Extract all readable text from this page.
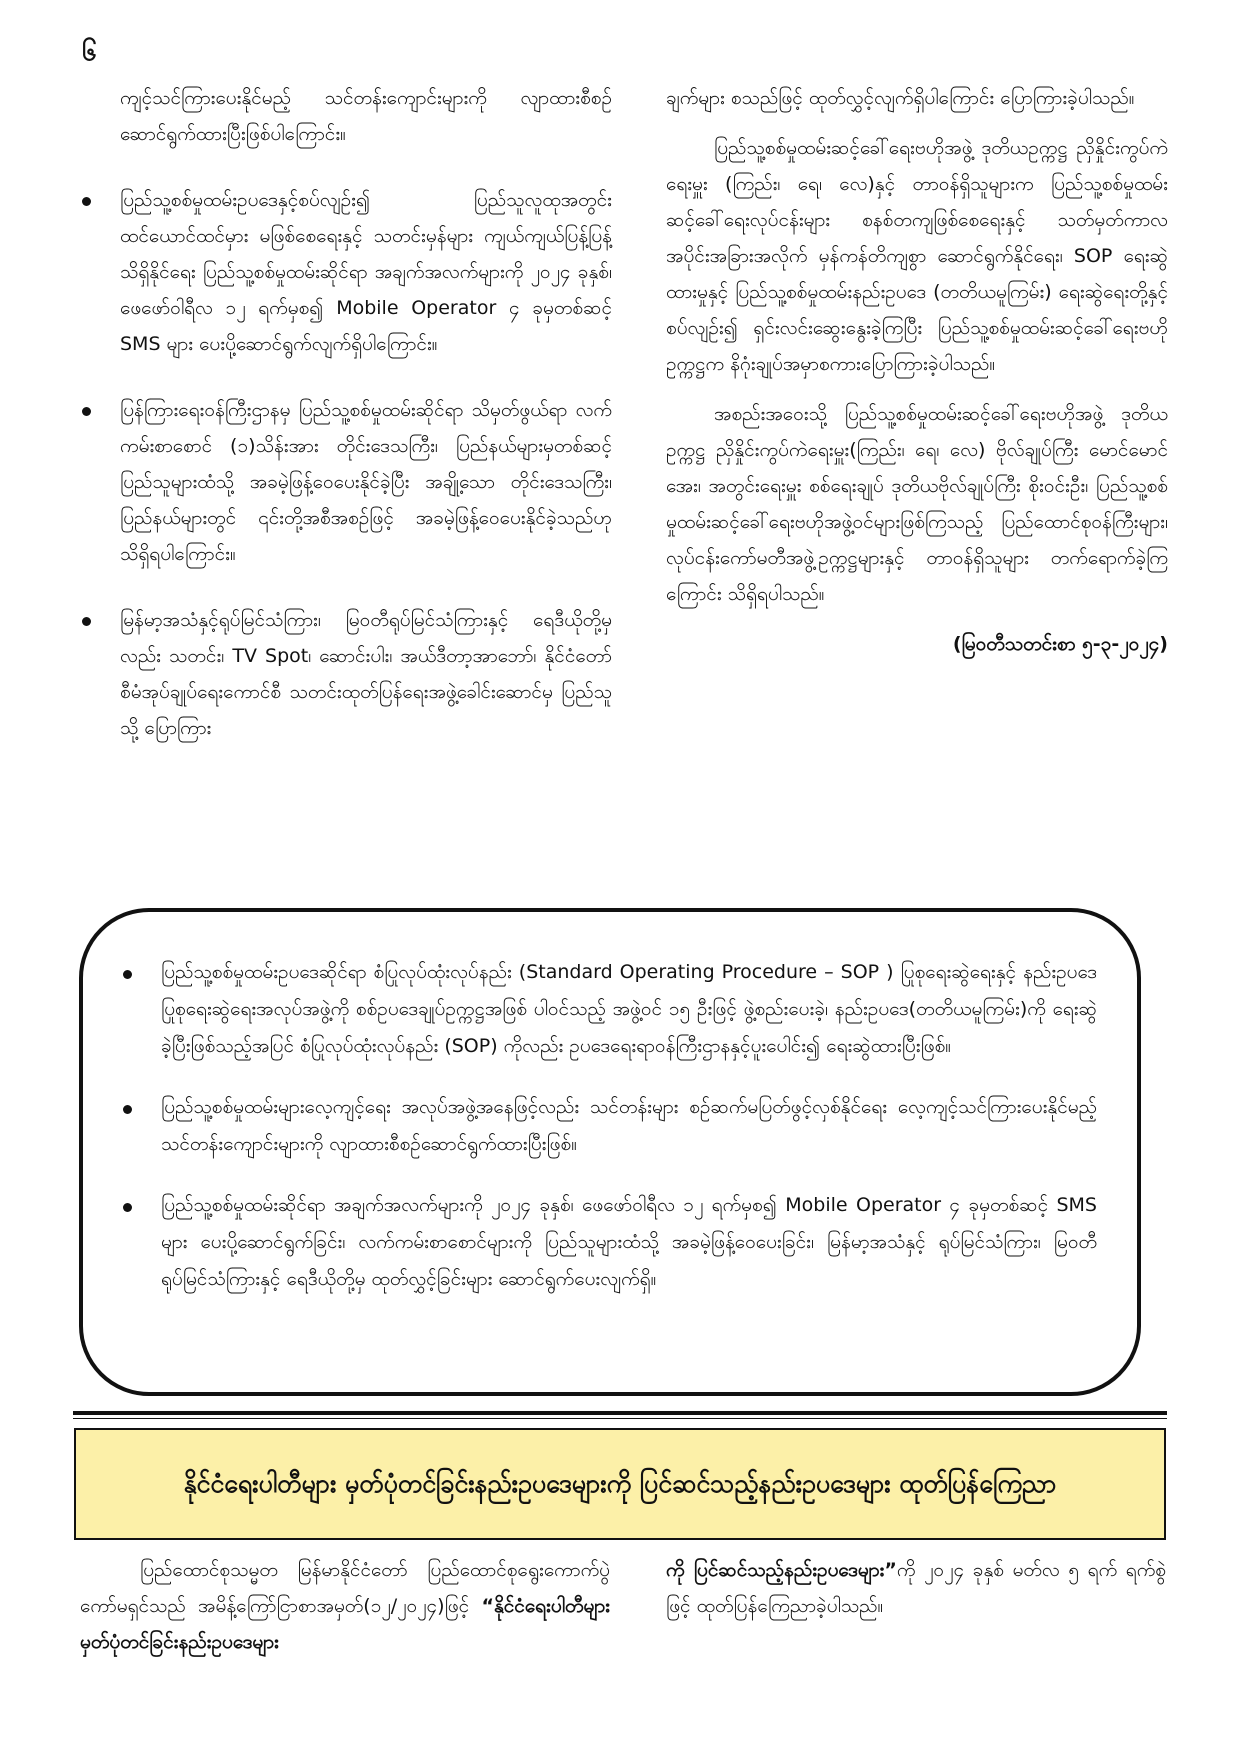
၆

ကျင့်သင်ကြားပေးနိုင်မည့် သင်တန်းကျောင်းများကို လျာထားစီစဉ်ဆောင်ရွက်ထားပြီးဖြစ်ပါကြောင်း။

ပြည်သူ့စစ်မှုထမ်းဥပဒေနှင့်စပ်လျဉ်း၍ ပြည်သူလူထုအတွင်း ထင်ယောင်ထင်မှား မဖြစ်စေရေးနှင့် သတင်းမှန်များ ကျယ်ကျယ်ပြန့်ပြန့် သိရှိနိုင်ရေး ပြည်သူ့စစ်မှုထမ်းဆိုင်ရာ အချက်အလက်များကို ၂၀၂၄ ခုနှစ်၊ ဖေဖော်ဝါရီလ ၁၂ ရက်မှစ၍ Mobile Operator ၄ ခုမှတစ်ဆင့် SMS များ ပေးပို့ဆောင်ရွက်လျက်ရှိပါကြောင်း။
ပြန်ကြားရေးဝန်ကြီးဌာနမှ ပြည်သူ့စစ်မှုထမ်းဆိုင်ရာ သိမှတ်ဖွယ်ရာ လက်ကမ်းစာစောင် (၁)သိန်းအား တိုင်းဒေသကြီး၊ ပြည်နယ်များမှတစ်ဆင့် ပြည်သူများထံသို့ အခမဲ့ဖြန့်ဝေပေးနိုင်ခဲ့ပြီး အချို့သော တိုင်းဒေသကြီး၊ ပြည်နယ်များတွင် ၎င်းတို့အစီအစဉ်ဖြင့် အခမဲ့ဖြန့်ဝေပေးနိုင်ခဲ့သည်ဟု သိရှိရပါကြောင်း။
မြန်မာ့အသံနှင့်ရုပ်မြင်သံကြား၊ မြဝတီရုပ်မြင်သံကြားနှင့် ရေဒီယိုတို့မှလည်း သတင်း၊ TV Spot၊ ဆောင်းပါး၊ အယ်ဒီတာ့အာဘော်၊ နိုင်ငံတော်စီမံအုပ်ချုပ်ရေးကောင်စီ သတင်းထုတ်ပြန်ရေးအဖွဲ့ခေါင်းဆောင်မှ ပြည်သူသို့ ပြောကြား

ချက်များ စသည်ဖြင့် ထုတ်လွှင့်လျက်ရှိပါကြောင်း ပြောကြားခဲ့ပါသည်။

ပြည်သူ့စစ်မှုထမ်းဆင့်ခေါ်ရေးဗဟိုအဖွဲ့ ဒုတိယဥက္ကဋ္ဌ ညှိနှိုင်းကွပ်ကဲရေးမှူး (ကြည်း၊ ရေ၊ လေ)နှင့် တာဝန်ရှိသူများက ပြည်သူ့စစ်မှုထမ်းဆင့်ခေါ်ရေးလုပ်ငန်းများ စနစ်တကျဖြစ်စေရေးနှင့် သတ်မှတ်ကာလအပိုင်းအခြားအလိုက် မှန်ကန်တိကျစွာ ဆောင်ရွက်နိုင်ရေး၊ SOP ရေးဆွဲထားမှုနှင့် ပြည်သူ့စစ်မှုထမ်းနည်းဥပဒေ (တတိယမူကြမ်း) ရေးဆွဲရေးတို့နှင့်စပ်လျဉ်း၍ ရှင်းလင်းဆွေးနွေးခဲ့ကြပြီး ပြည်သူ့စစ်မှုထမ်းဆင့်ခေါ်ရေးဗဟိုဥက္ကဋ္ဌက နိဂုံးချုပ်အမှာစကားပြောကြားခဲ့ပါသည်။

အစည်းအဝေးသို့ ပြည်သူ့စစ်မှုထမ်းဆင့်ခေါ်ရေးဗဟိုအဖွဲ့ ဒုတိယဥက္ကဋ္ဌ ညှိနှိုင်းကွပ်ကဲရေးမှူး(ကြည်း၊ ရေ၊ လေ) ဗိုလ်ချုပ်ကြီး မောင်မောင်အေး၊ အတွင်းရေးမှူး စစ်ရေးချုပ် ဒုတိယဗိုလ်ချုပ်ကြီး စိုးဝင်းဦး၊ ပြည်သူ့စစ်မှုထမ်းဆင့်ခေါ်ရေးဗဟိုအဖွဲ့ဝင်များဖြစ်ကြသည့် ပြည်ထောင်စုဝန်ကြီးများ၊ လုပ်ငန်းကော်မတီအဖွဲ့ဥက္ကဋ္ဌများနှင့် တာဝန်ရှိသူများ တက်ရောက်ခဲ့ကြကြောင်း သိရှိရပါသည်။

(မြဝတီသတင်းစာ ၅-၃-၂၀၂၄)
ပြည်သူ့စစ်မှုထမ်းဥပဒေဆိုင်ရာ စံပြုလုပ်ထုံးလုပ်နည်း (Standard Operating Procedure – SOP ) ပြုစုရေးဆွဲရေးနှင့် နည်းဥပဒေပြုစုရေးဆွဲရေးအလုပ်အဖွဲ့ကို စစ်ဥပဒေချုပ်ဥက္ကဋ္ဌအဖြစ် ပါဝင်သည့် အဖွဲ့ဝင် ၁၅ ဦးဖြင့် ဖွဲ့စည်းပေးခဲ့၊ နည်းဥပဒေ(တတိယမူကြမ်း)ကို ရေးဆွဲခဲ့ပြီးဖြစ်သည့်အပြင် စံပြုလုပ်ထုံးလုပ်နည်း (SOP) ကိုလည်း ဥပဒေရေးရာဝန်ကြီးဌာနနှင့်ပူးပေါင်း၍ ရေးဆွဲထားပြီးဖြစ်။
ပြည်သူ့စစ်မှုထမ်းများလေ့ကျင့်ရေး အလုပ်အဖွဲ့အနေဖြင့်လည်း သင်တန်းများ စဉ်ဆက်မပြတ်ဖွင့်လှစ်နိုင်ရေး လေ့ကျင့်သင်ကြားပေးနိုင်မည့် သင်တန်းကျောင်းများကို လျာထားစီစဉ်ဆောင်ရွက်ထားပြီးဖြစ်။
ပြည်သူ့စစ်မှုထမ်းဆိုင်ရာ အချက်အလက်များကို ၂၀၂၄ ခုနှစ်၊ ဖေဖော်ဝါရီလ ၁၂ ရက်မှစ၍ Mobile Operator ၄ ခုမှတစ်ဆင့် SMS များ ပေးပို့ဆောင်ရွက်ခြင်း၊ လက်ကမ်းစာစောင်များကို ပြည်သူများထံသို့ အခမဲ့ဖြန့်ဝေပေးခြင်း၊ မြန်မာ့အသံနှင့် ရုပ်မြင်သံကြား၊ မြဝတီရုပ်မြင်သံကြားနှင့် ရေဒီယိုတို့မှ ထုတ်လွှင့်ခြင်းများ ဆောင်ရွက်ပေးလျက်ရှိ။
နိုင်ငံရေးပါတီများ မှတ်ပုံတင်ခြင်းနည်းဥပဒေများကို ပြင်ဆင်သည့်နည်းဥပဒေများ ထုတ်ပြန်ကြေညာ

ပြည်ထောင်စုသမ္မတ မြန်မာနိုင်ငံတော် ပြည်ထောင်စုရွေးကောက်ပွဲကော်မရှင်သည် အမိန့်ကြော်ငြာစာအမှတ်(၁၂/၂၀၂၄)ဖြင့် “နိုင်ငံရေးပါတီများမှတ်ပုံတင်ခြင်းနည်းဥပဒေများ

ကို ပြင်ဆင်သည့်နည်းဥပဒေများ”ကို ၂၀၂၄ ခုနှစ် မတ်လ ၅ ရက် ရက်စွဲဖြင့် ထုတ်ပြန်ကြေညာခဲ့ပါသည်။
